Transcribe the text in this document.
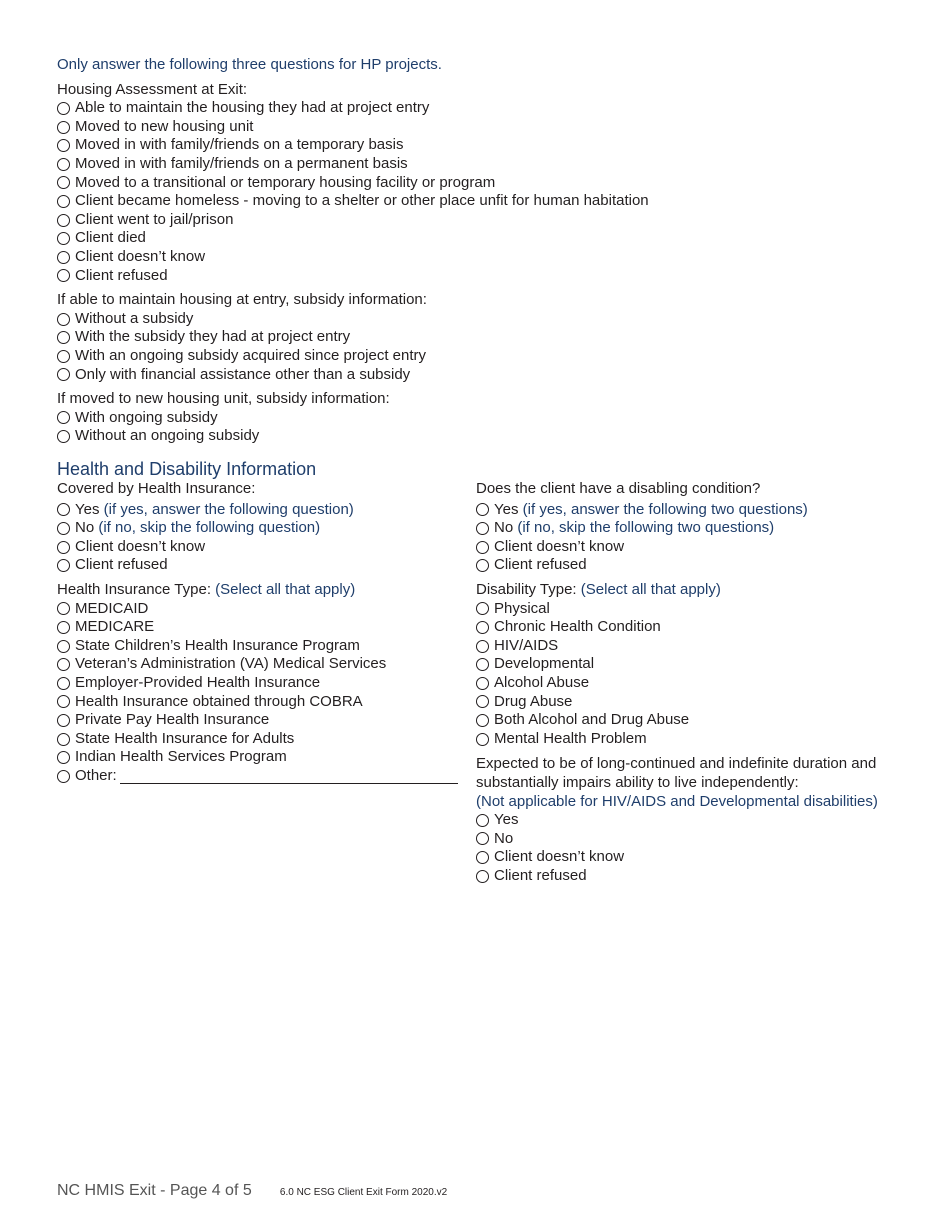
Only answer the following three questions for HP projects.
Housing Assessment at Exit:
Able to maintain the housing they had at project entry
Moved to new housing unit
Moved in with family/friends on a temporary basis
Moved in with family/friends on a permanent basis
Moved to a transitional or temporary housing facility or program
Client became homeless - moving to a shelter or other place unfit for human habitation
Client went to jail/prison
Client died
Client doesn’t know
Client refused
If able to maintain housing at entry, subsidy information:
Without a subsidy
With the subsidy they had at project entry
With an ongoing subsidy acquired since project entry
Only with financial assistance other than a subsidy
If moved to new housing unit, subsidy information:
With ongoing subsidy
Without an ongoing subsidy
Health and Disability Information
Covered by Health Insurance:
Yes
(if yes, answer the following question)
No
(if no, skip the following question)
Client doesn’t know
Client refused
Health Insurance Type: (Select all that apply)
MEDICAID
MEDICARE
State Children’s Health Insurance Program
Veteran’s Administration (VA) Medical Services
Employer-Provided Health Insurance
Health Insurance obtained through COBRA
Private Pay Health Insurance
State Health Insurance for Adults
Indian Health Services Program
Other:
Does the client have a disabling condition?
Yes
(if yes, answer the following two questions)
No
(if no, skip the following two questions)
Client doesn’t know
Client refused
Disability Type: (Select all that apply)
Physical
Chronic Health Condition
HIV/AIDS
Developmental
Alcohol Abuse
Drug Abuse
Both Alcohol and Drug Abuse
Mental Health Problem
Expected to be of long-continued and indefinite duration and
substantially impairs ability to live independently:
(Not applicable for HIV/AIDS and Developmental disabilities)
Yes
No
Client doesn’t know
Client refused
NC HMIS Exit - Page 4 of 5	6.0 NC ESG Client Exit Form 2020.v2
